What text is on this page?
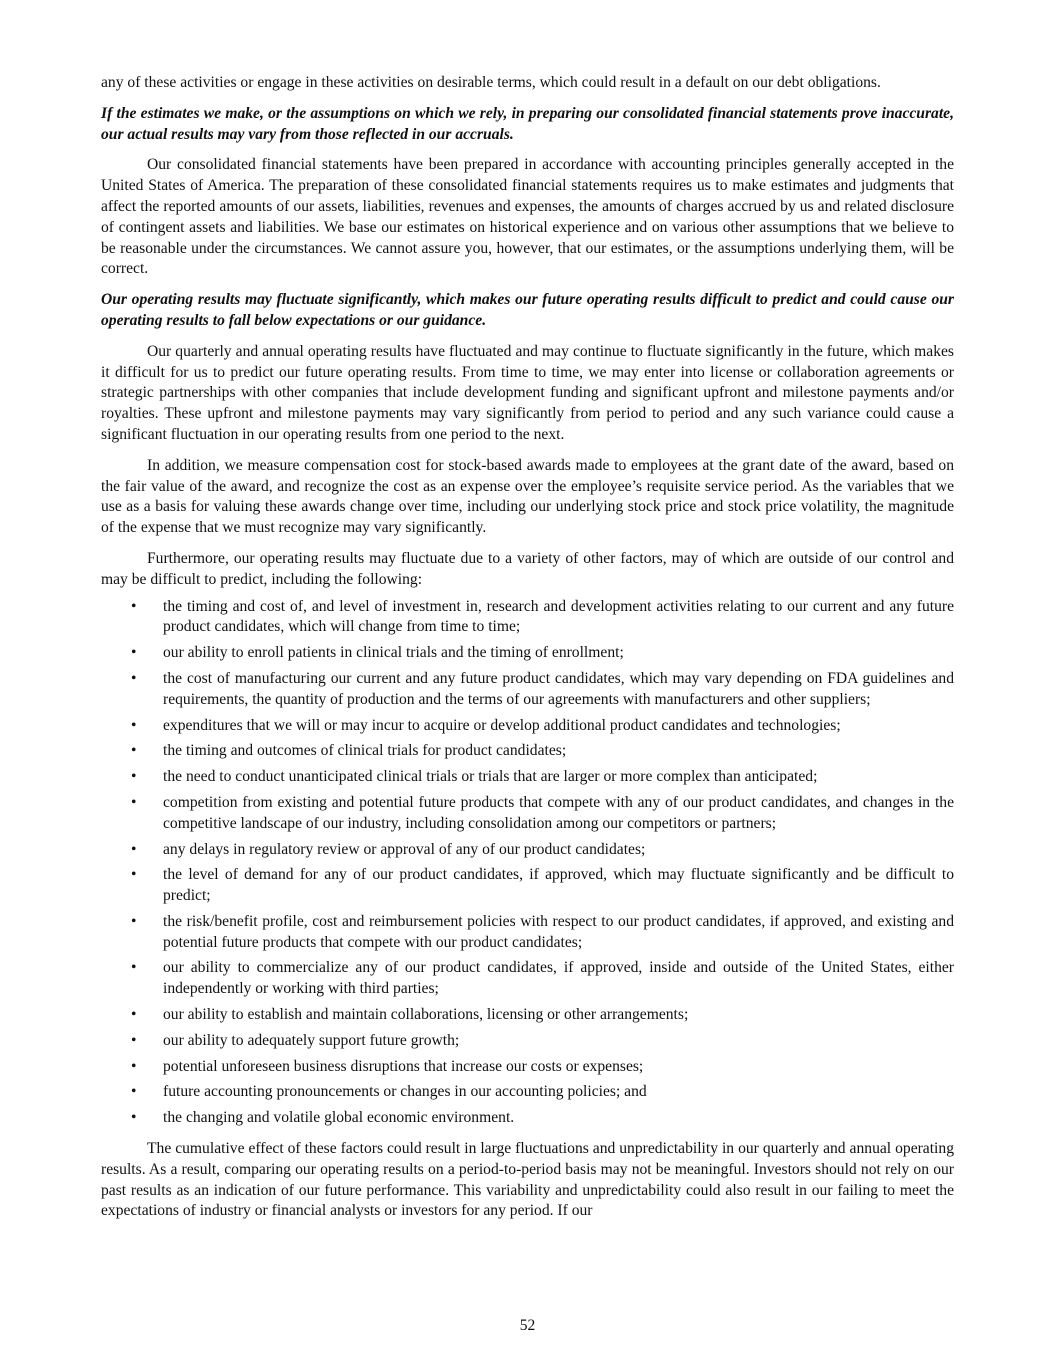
any of these activities or engage in these activities on desirable terms, which could result in a default on our debt obligations.

If the estimates we make, or the assumptions on which we rely, in preparing our consolidated financial statements prove inaccurate, our actual results may vary from those reflected in our accruals.

Our consolidated financial statements have been prepared in accordance with accounting principles generally accepted in the United States of America. The preparation of these consolidated financial statements requires us to make estimates and judgments that affect the reported amounts of our assets, liabilities, revenues and expenses, the amounts of charges accrued by us and related disclosure of contingent assets and liabilities. We base our estimates on historical experience and on various other assumptions that we believe to be reasonable under the circumstances. We cannot assure you, however, that our estimates, or the assumptions underlying them, will be correct.

Our operating results may fluctuate significantly, which makes our future operating results difficult to predict and could cause our operating results to fall below expectations or our guidance.

Our quarterly and annual operating results have fluctuated and may continue to fluctuate significantly in the future, which makes it difficult for us to predict our future operating results. From time to time, we may enter into license or collaboration agreements or strategic partnerships with other companies that include development funding and significant upfront and milestone payments and/or royalties. These upfront and milestone payments may vary significantly from period to period and any such variance could cause a significant fluctuation in our operating results from one period to the next.

In addition, we measure compensation cost for stock-based awards made to employees at the grant date of the award, based on the fair value of the award, and recognize the cost as an expense over the employee’s requisite service period. As the variables that we use as a basis for valuing these awards change over time, including our underlying stock price and stock price volatility, the magnitude of the expense that we must recognize may vary significantly.

Furthermore, our operating results may fluctuate due to a variety of other factors, may of which are outside of our control and may be difficult to predict, including the following:

• the timing and cost of, and level of investment in, research and development activities relating to our current and any future product candidates, which will change from time to time;
• our ability to enroll patients in clinical trials and the timing of enrollment;
• the cost of manufacturing our current and any future product candidates, which may vary depending on FDA guidelines and requirements, the quantity of production and the terms of our agreements with manufacturers and other suppliers;
• expenditures that we will or may incur to acquire or develop additional product candidates and technologies;
• the timing and outcomes of clinical trials for product candidates;
• the need to conduct unanticipated clinical trials or trials that are larger or more complex than anticipated;
• competition from existing and potential future products that compete with any of our product candidates, and changes in the competitive landscape of our industry, including consolidation among our competitors or partners;
• any delays in regulatory review or approval of any of our product candidates;
• the level of demand for any of our product candidates, if approved, which may fluctuate significantly and be difficult to predict;
• the risk/benefit profile, cost and reimbursement policies with respect to our product candidates, if approved, and existing and potential future products that compete with our product candidates;
• our ability to commercialize any of our product candidates, if approved, inside and outside of the United States, either independently or working with third parties;
• our ability to establish and maintain collaborations, licensing or other arrangements;
• our ability to adequately support future growth;
• potential unforeseen business disruptions that increase our costs or expenses;
• future accounting pronouncements or changes in our accounting policies; and
• the changing and volatile global economic environment.

The cumulative effect of these factors could result in large fluctuations and unpredictability in our quarterly and annual operating results. As a result, comparing our operating results on a period-to-period basis may not be meaningful. Investors should not rely on our past results as an indication of our future performance. This variability and unpredictability could also result in our failing to meet the expectations of industry or financial analysts or investors for any period. If our

52
